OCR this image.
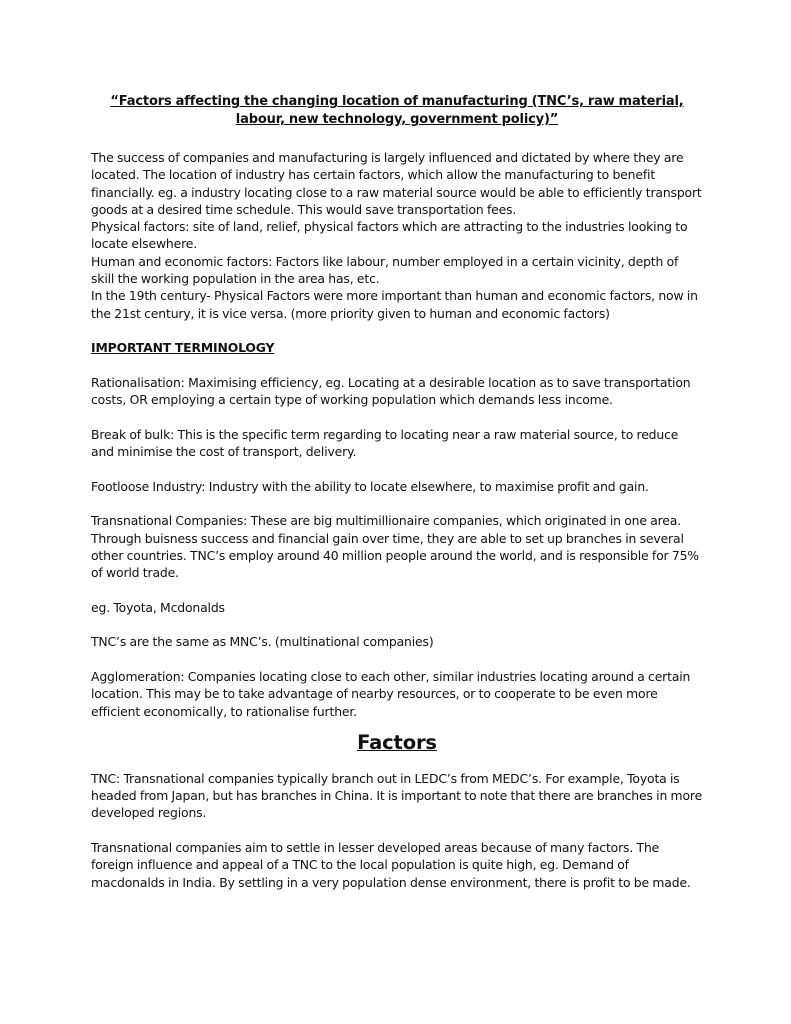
“Factors affecting the changing location of manufacturing (TNC’s, raw material, labour, new technology, government policy)”

The success of companies and manufacturing is largely influenced and dictated by where they are located. The location of industry has certain factors, which allow the manufacturing to benefit financially. eg. a industry locating close to a raw material source would be able to efficiently transport goods at a desired time schedule. This would save transportation fees.

Physical factors: site of land, relief, physical factors which are attracting to the industries looking to locate elsewhere.

Human and economic factors: Factors like labour, number employed in a certain vicinity, depth of skill the working population in the area has, etc.

In the 19th century- Physical Factors were more important than human and economic factors, now in the 21st century, it is vice versa. (more priority given to human and economic factors)

IMPORTANT TERMINOLOGY

Rationalisation: Maximising efficiency, eg. Locating at a desirable location as to save transportation costs, OR employing a certain type of working population which demands less income.

Break of bulk: This is the specific term regarding to locating near a raw material source, to reduce and minimise the cost of transport, delivery.

Footloose Industry: Industry with the ability to locate elsewhere, to maximise profit and gain.

Transnational Companies: These are big multimillionaire companies, which originated in one area. Through buisness success and financial gain over time, they are able to set up branches in several other countries. TNC’s employ around 40 million people around the world, and is responsible for 75% of world trade.

eg. Toyota, Mcdonalds

TNC’s are the same as MNC’s. (multinational companies)

Agglomeration: Companies locating close to each other, similar industries locating around a certain location. This may be to take advantage of nearby resources, or to cooperate to be even more efficient economically, to rationalise further.

Factors

TNC: Transnational companies typically branch out in LEDC’s from MEDC’s. For example, Toyota is headed from Japan, but has branches in China. It is important to note that there are branches in more developed regions.

Transnational companies aim to settle in lesser developed areas because of many factors. The foreign influence and appeal of a TNC to the local population is quite high, eg. Demand of macdonalds in India. By settling in a very population dense environment, there is profit to be made.
